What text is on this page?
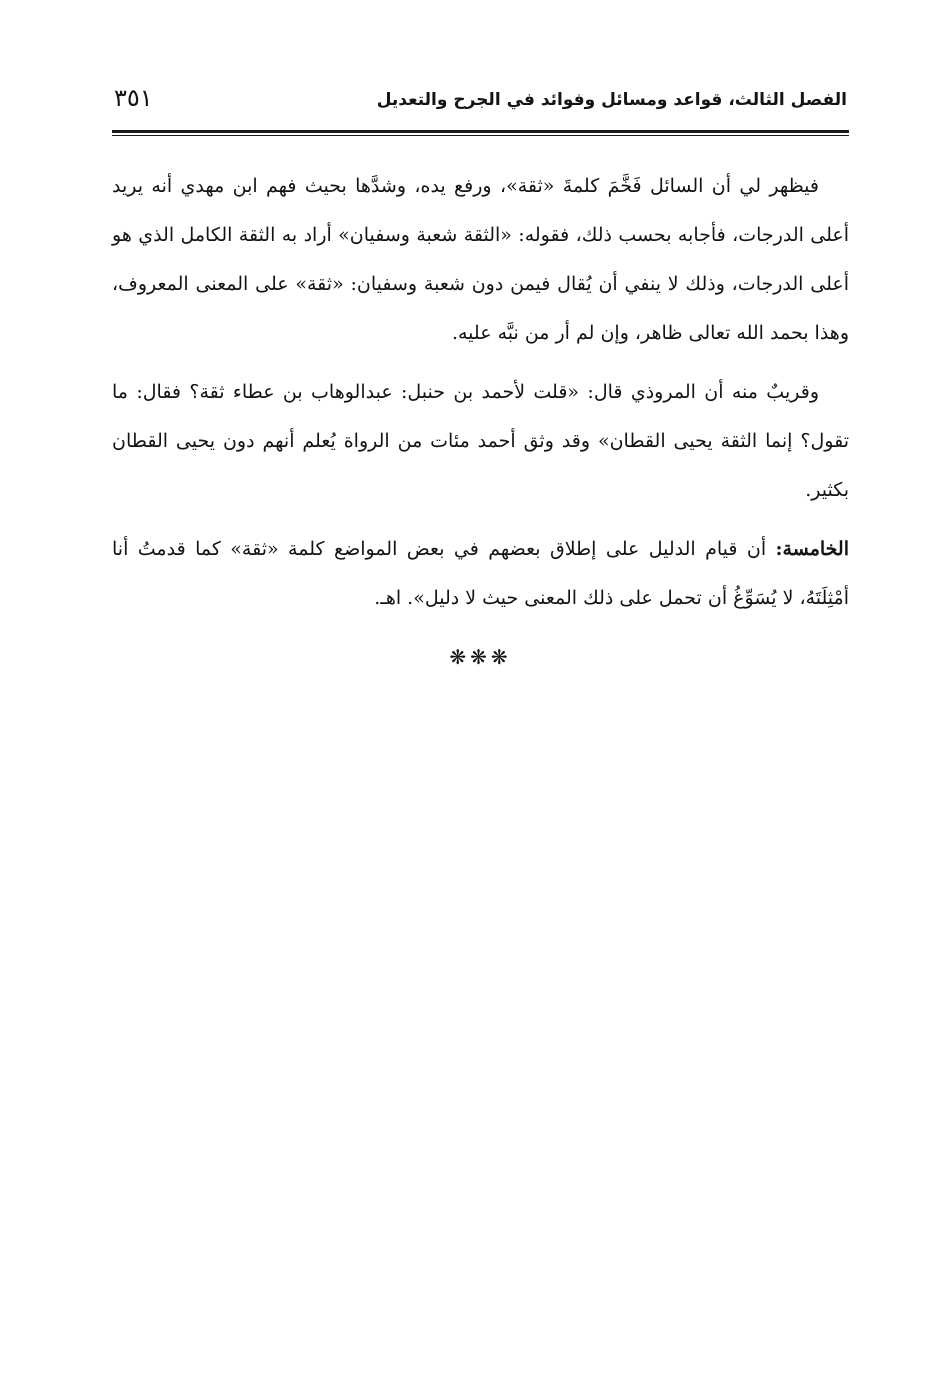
الفصل الثالث، قواعد ومسائل وفوائد في الجرح والتعديل
٣٥١

فيظهر لي أن السائل فَخَّمَ كلمةَ «ثقة»، ورفع يده، وشدَّها بحيث فهم ابن مهدي أنه يريد أعلى الدرجات، فأجابه بحسب ذلك، فقوله: «الثقة شعبة وسفيان» أراد به الثقة الكامل الذي هو أعلى الدرجات، وذلك لا ينفي أن يُقال فيمن دون شعبة وسفيان: «ثقة» على المعنى المعروف، وهذا بحمد الله تعالى ظاهر، وإن لم أر من نبَّه عليه.

وقريبٌ منه أن المروذي قال: «قلت لأحمد بن حنبل: عبدالوهاب بن عطاء ثقة؟ فقال: ما تقول؟ إنما الثقة يحيى القطان» وقد وثق أحمد مئات من الرواة يُعلم أنهم دون يحيى القطان بكثير.

الخامسة: أن قيام الدليل على إطلاق بعضهم في بعض المواضع كلمة «ثقة» كما قدمتُ أنا أمْثِلَتَهُ، لا يُسَوِّغُ أن تحمل على ذلك المعنى حيث لا دليل». اهـ.

❋❋❋
